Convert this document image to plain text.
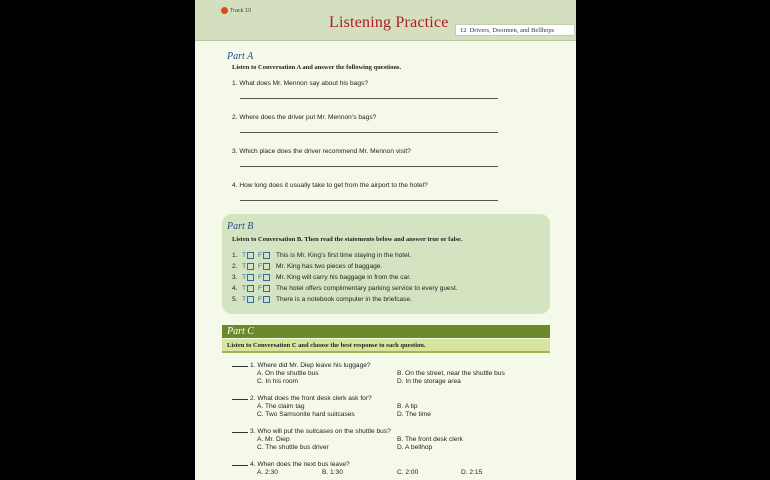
Track 10
Listening Practice	12 Drivers, Doormen, and Bellhops
Part A
Listen to Conversation A and answer the following questions.
1. What does Mr. Mennon say about his bags?
2. Where does the driver put Mr. Mennon’s bags?
3. Which place does the driver recommend Mr. Mennon visit?
4. How long does it usually take to get from the airport to the hotel?
Part B
Listen to Conversation B. Then read the statements below and answer true or false.
1. T F This is Mr. King’s first time staying in the hotel.
2. T F Mr. King has two pieces of baggage.
3. T F Mr. King will carry his baggage in from the car.
4. T F The hotel offers complimentary parking service to every guest.
5. T F There is a notebook computer in the briefcase.
Part C
Listen to Conversation C and choose the best response to each question.
1. Where did Mr. Diep leave his luggage?
A. On the shuttle bus	B. On the street, near the shuttle bus
C. In his room	D. In the storage area
2. What does the front desk clerk ask for?
A. The claim tag	B. A tip
C. Two Samsonite hard suitcases	D. The time
3. Who will put the suitcases on the shuttle bus?
A. Mr. Diep	B. The front desk clerk
C. The shuttle bus driver	D. A bellhop
4. When does the next bus leave?
A. 2:30	B. 1:30	C. 2:00	D. 2:15
